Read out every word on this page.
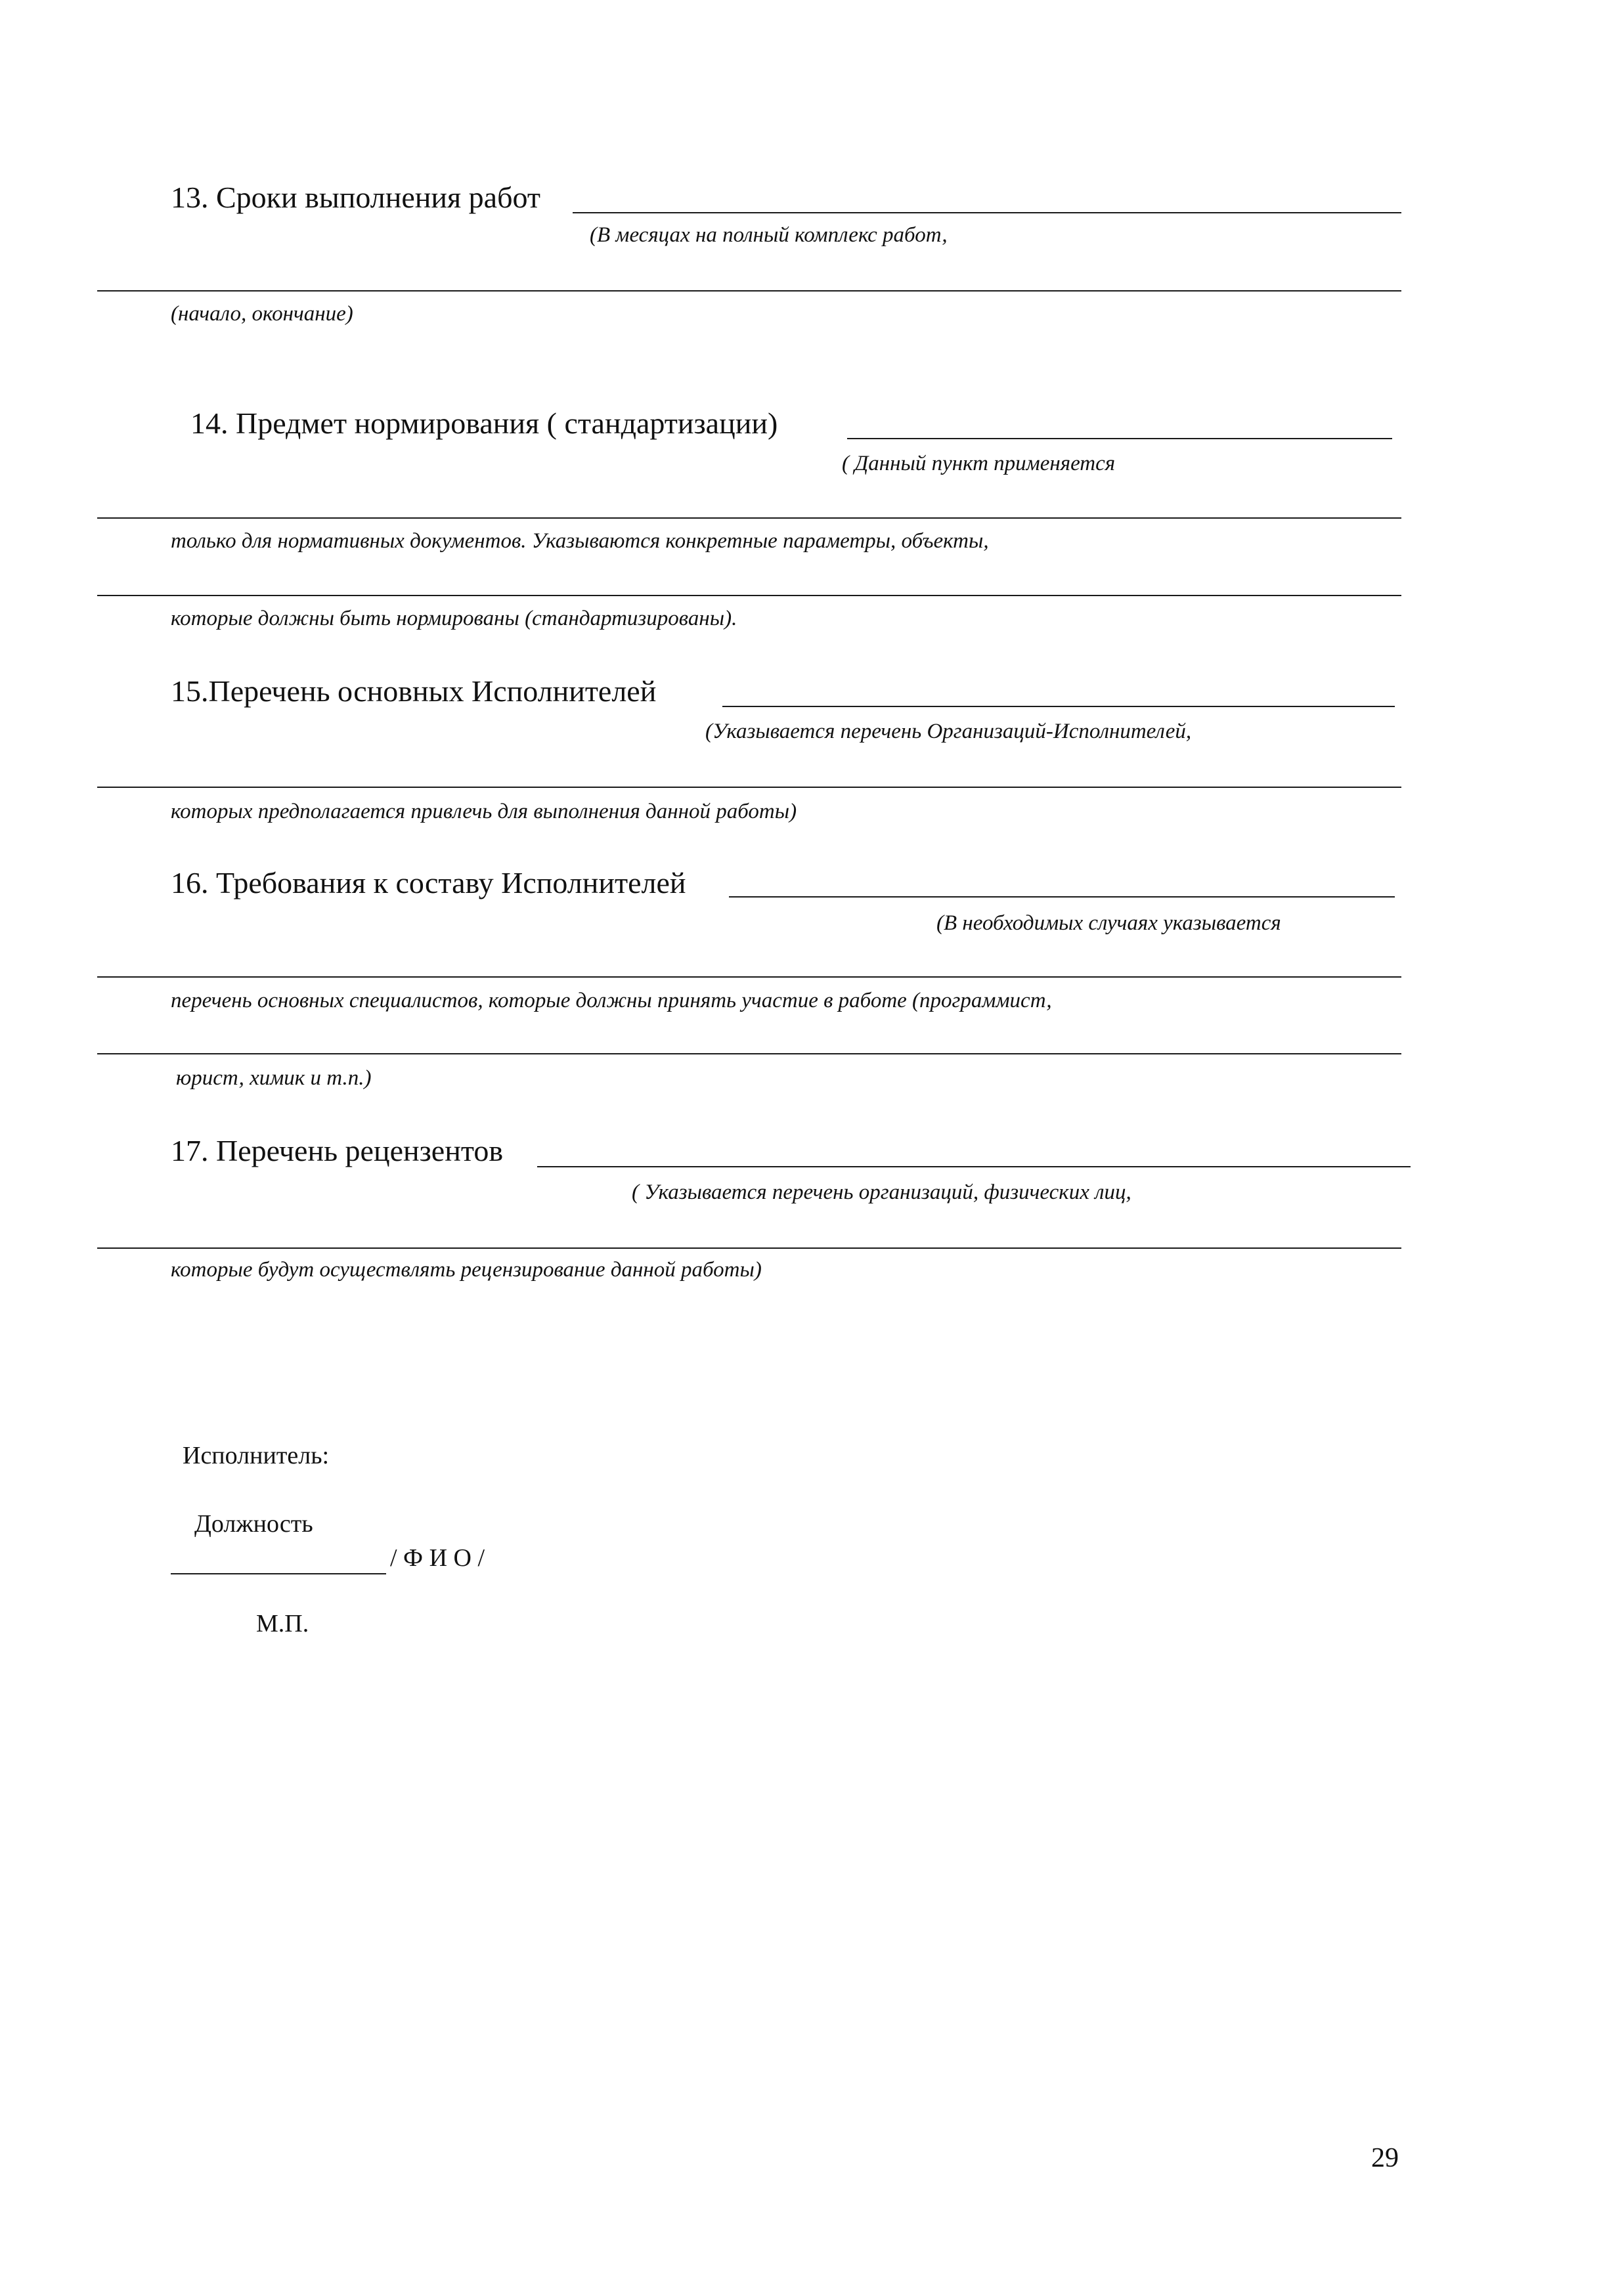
13. Сроки выполнения работ
(В месяцах на полный комплекс работ,
(начало, окончание)
14. Предмет нормирования ( стандартизации)
( Данный пункт применяется
только для нормативных документов. Указываются конкретные параметры, объекты,
которые должны быть нормированы (стандартизированы).
15.Перечень основных Исполнителей
(Указывается перечень Организаций-Исполнителей,
которых предполагается привлечь для выполнения данной работы)
16. Требования к составу Исполнителей
(В необходимых случаях указывается
перечень основных специалистов, которые должны принять участие в работе (программист,
юрист, химик и т.п.)
17. Перечень рецензентов
( Указывается перечень организаций, физических лиц,
которые будут осуществлять рецензирование данной работы)
Исполнитель:
Должность
/ Ф И О /
М.П.
29
